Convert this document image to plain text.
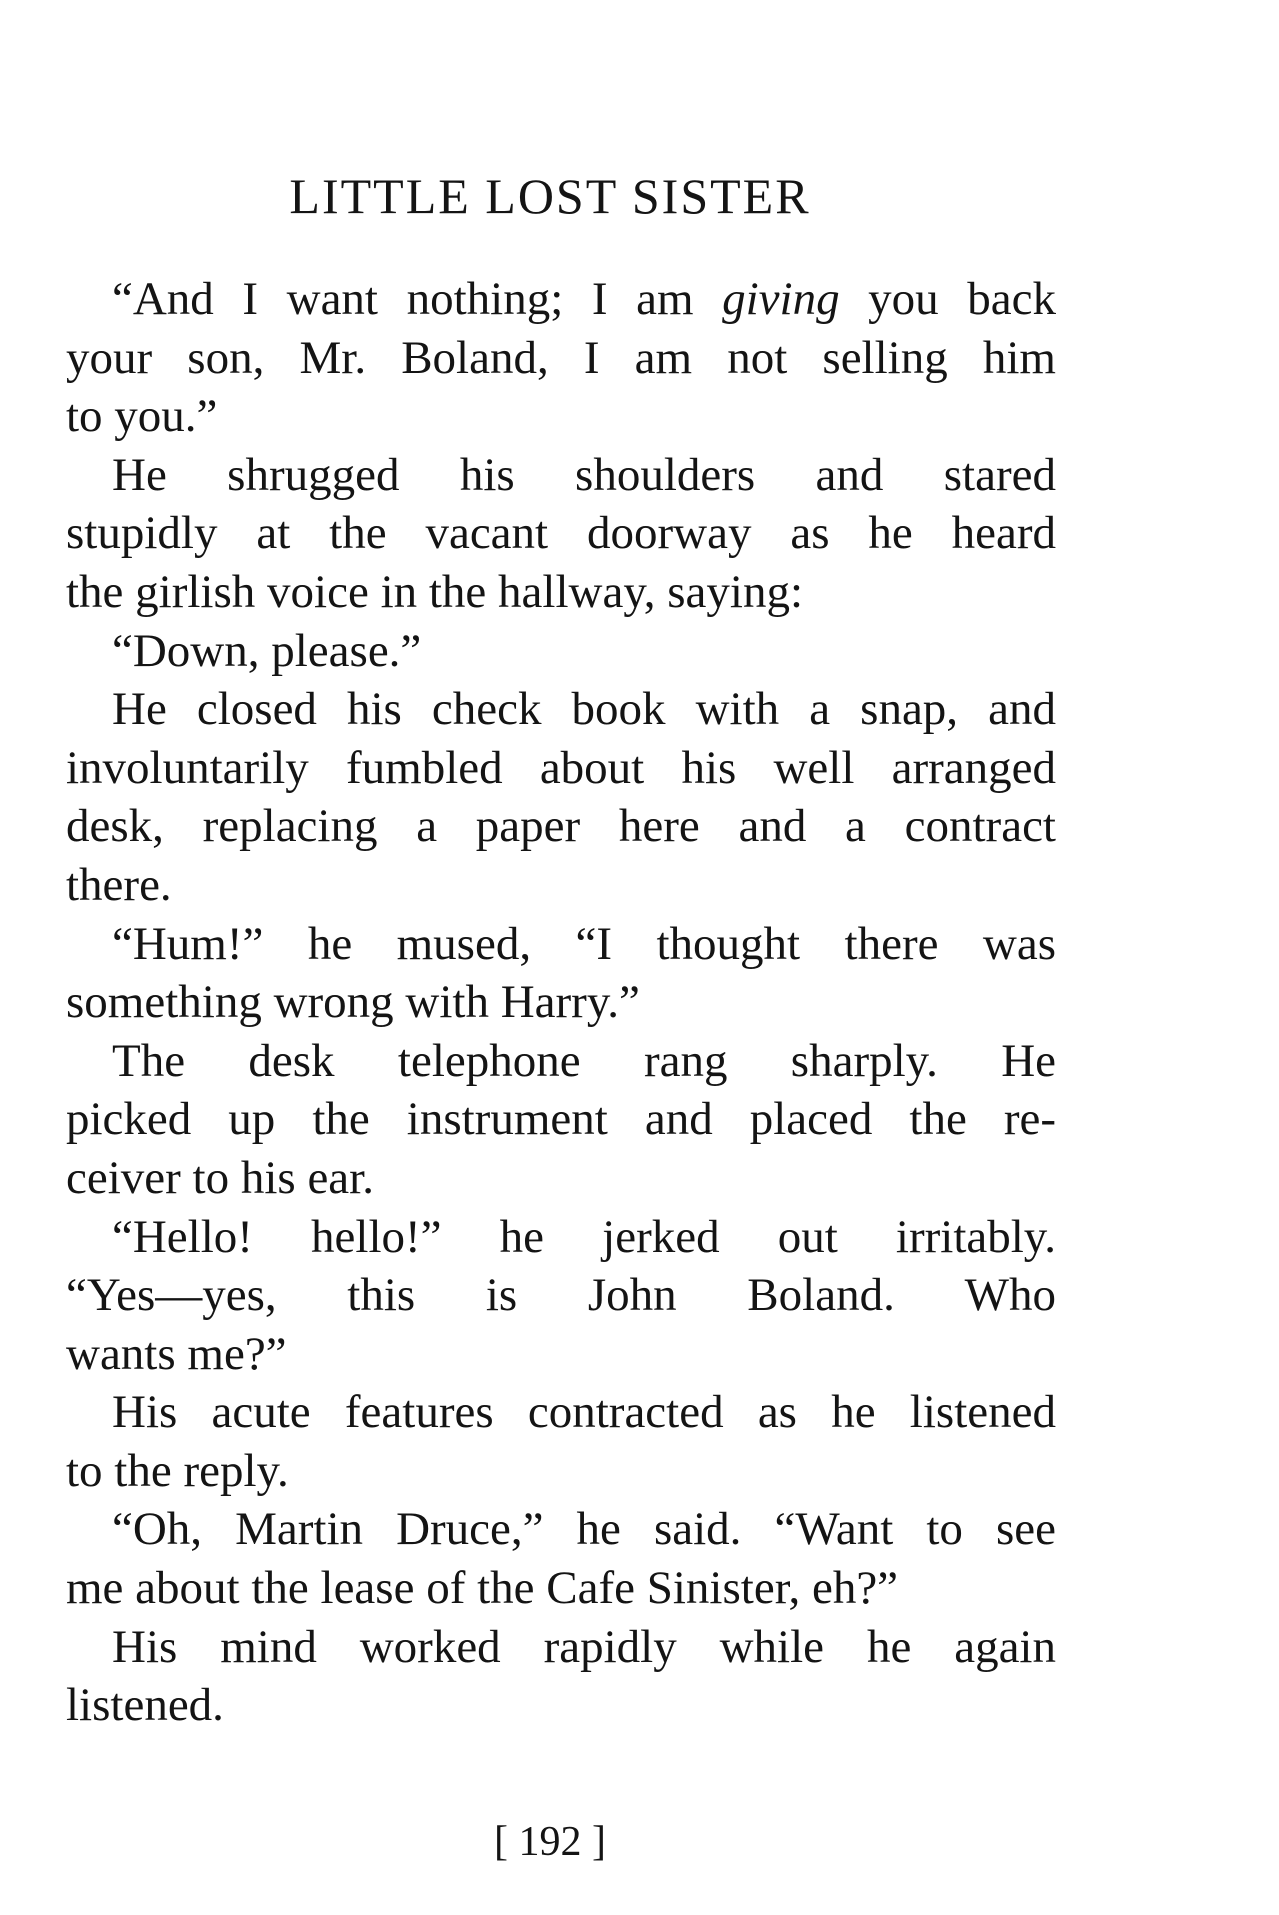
LITTLE LOST SISTER

“And I want nothing; I am giving you back
your son, Mr. Boland, I am not selling him
to you.”

He shrugged his shoulders and stared
stupidly at the vacant doorway as he heard
the girlish voice in the hallway, saying:

“Down, please.”

He closed his check book with a snap, and
involuntarily fumbled about his well arranged
desk, replacing a paper here and a contract
there.

“Hum!” he mused, “I thought there was
something wrong with Harry.”

The desk telephone rang sharply. He
picked up the instrument and placed the re-
ceiver to his ear.

“Hello! hello!” he jerked out irritably.
“Yes—yes, this is John Boland. Who
wants me?”

His acute features contracted as he listened
to the reply.

“Oh, Martin Druce,” he said. “Want to see
me about the lease of the Cafe Sinister, eh?”

His mind worked rapidly while he again
listened.

[ 192 ]
